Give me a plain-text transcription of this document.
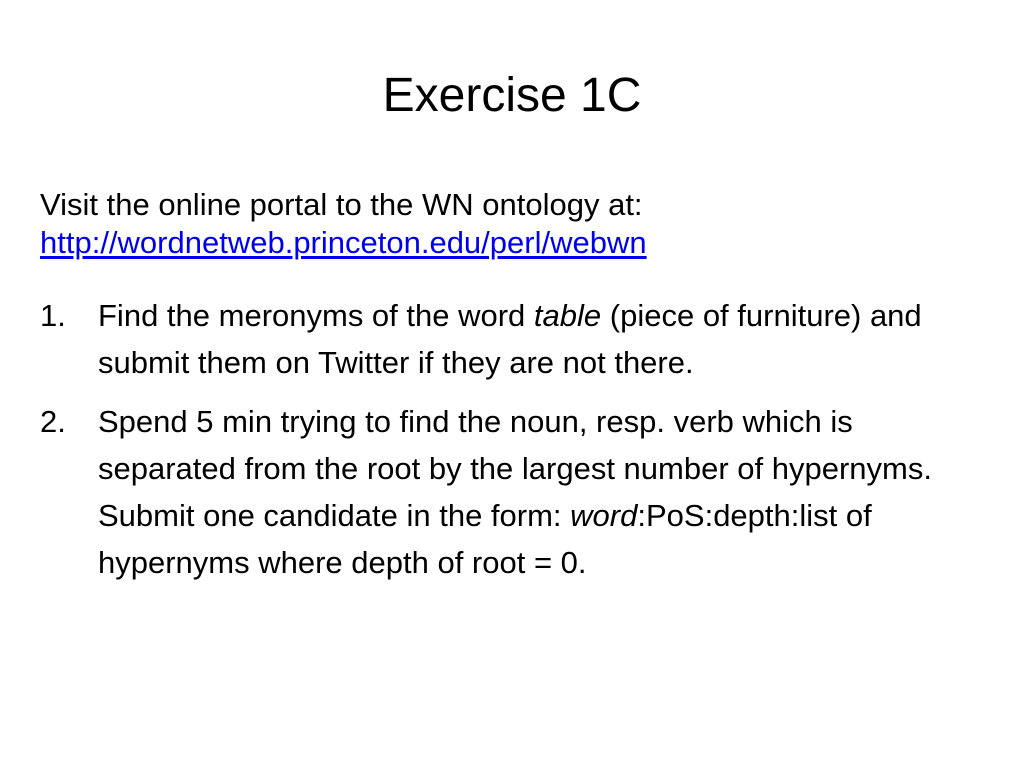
Exercise 1C
Visit the online portal to the WN ontology at:
http://wordnetweb.princeton.edu/perl/webwn
1. Find the meronyms of the word table (piece of furniture) and submit them on Twitter if they are not there.
2. Spend 5 min trying to find the noun, resp. verb which is separated from the root by the largest number of hypernyms. Submit one candidate in the form: word:PoS:depth:list of hypernyms where depth of root = 0.
